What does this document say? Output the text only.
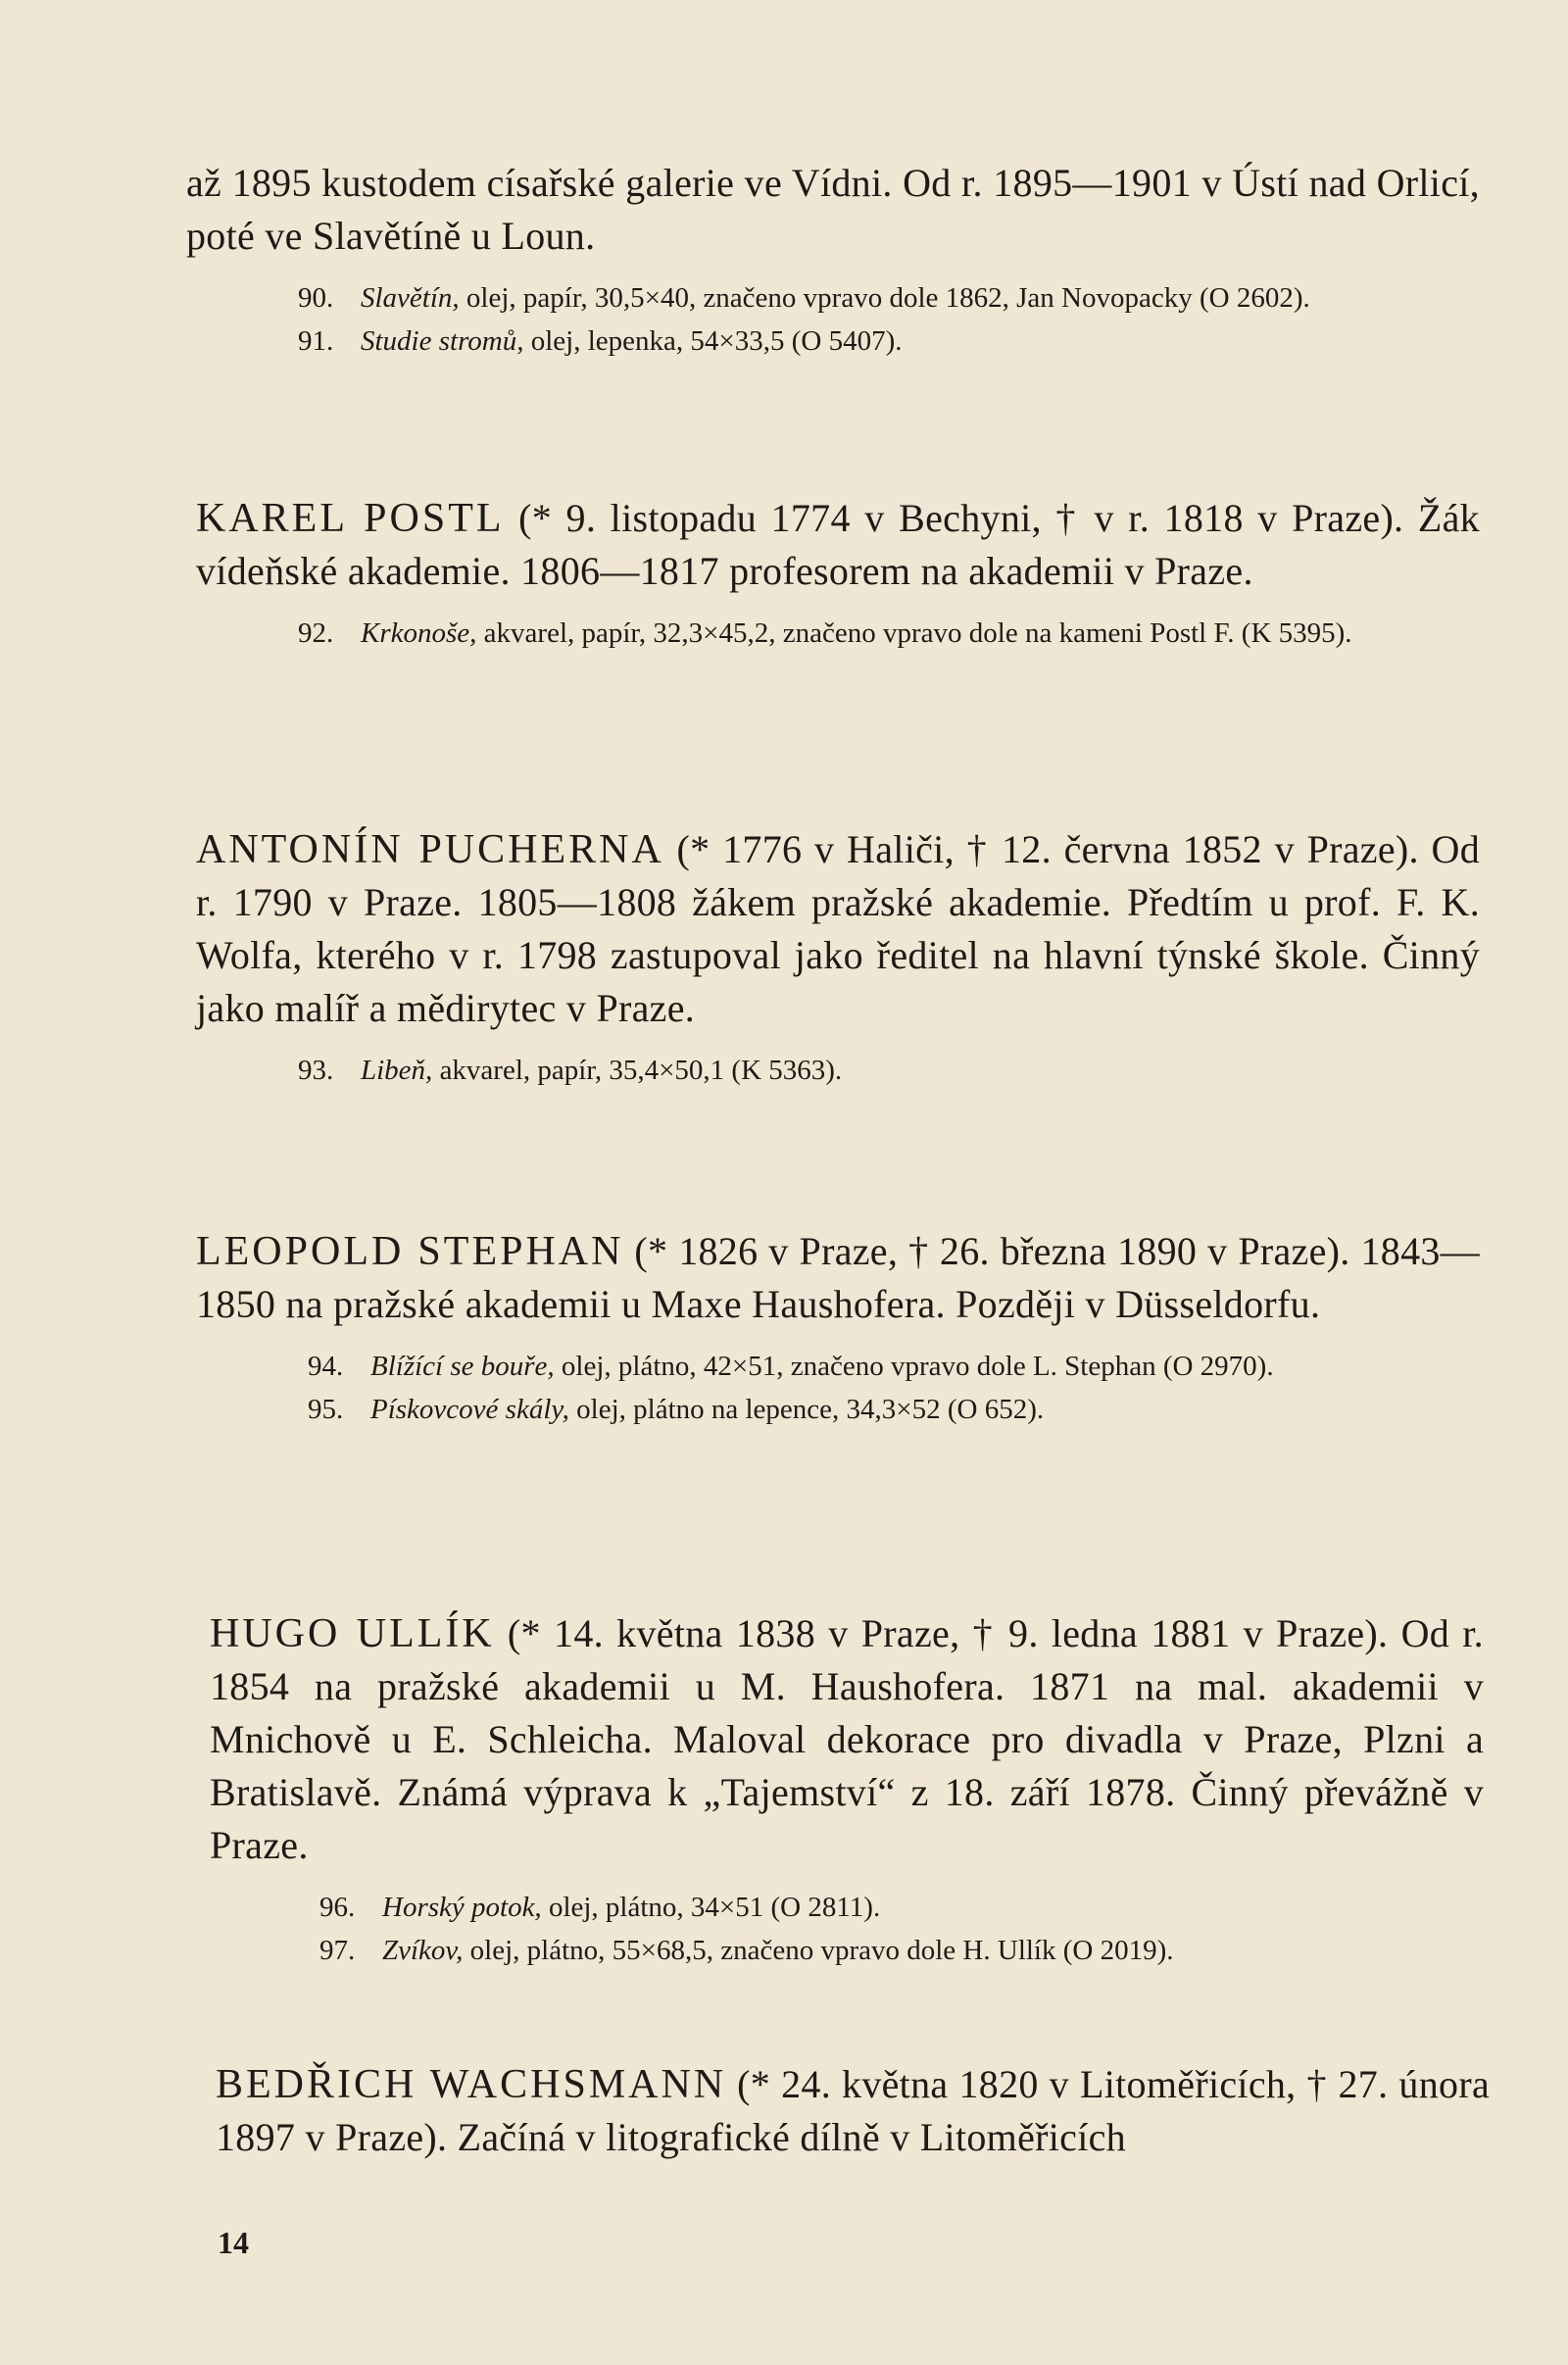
až 1895 kustodem císařské galerie ve Vídni. Od r. 1895—1901 v Ústí nad Orlicí, poté ve Slavětíně u Loun.

90. Slavětín, olej, papír, 30,5×40, značeno vpravo dole 1862, Jan Novopacky (O 2602).
91. Studie stromů, olej, lepenka, 54×33,5 (O 5407).

KAREL POSTL (* 9. listopadu 1774 v Bechyni, † v r. 1818 v Praze). Žák vídeňské akademie. 1806—1817 profesorem na akademii v Praze.

92. Krkonoše, akvarel, papír, 32,3×45,2, značeno vpravo dole na kameni Postl F. (K 5395).

ANTONÍN PUCHERNA (* 1776 v Haliči, † 12. června 1852 v Praze). Od r. 1790 v Praze. 1805—1808 žákem pražské akademie. Předtím u prof. F. K. Wolfa, kterého v r. 1798 zastupoval jako ředitel na hlavní týnské škole. Činný jako malíř a mědirytec v Praze.

93. Libeň, akvarel, papír, 35,4×50,1 (K 5363).

LEOPOLD STEPHAN (* 1826 v Praze, † 26. března 1890 v Praze). 1843—1850 na pražské akademii u Maxe Haushofera. Později v Düsseldorfu.

94. Blížící se bouře, olej, plátno, 42×51, značeno vpravo dole L. Stephan (O 2970).
95. Pískovcové skály, olej, plátno na lepence, 34,3×52 (O 652).

HUGO ULLÍK (* 14. května 1838 v Praze, † 9. ledna 1881 v Praze). Od r. 1854 na pražské akademii u M. Haushofera. 1871 na mal. akademii v Mnichově u E. Schleicha. Maloval dekorace pro divadla v Praze, Plzni a Bratislavě. Známá výprava k „Tajemství“ z 18. září 1878. Činný převážně v Praze.

96. Horský potok, olej, plátno, 34×51 (O 2811).
97. Zvíkov, olej, plátno, 55×68,5, značeno vpravo dole H. Ullík (O 2019).

BEDŘICH WACHSMANN (* 24. května 1820 v Litoměřicích, † 27. února 1897 v Praze). Začíná v litografické dílně v Litoměřicích

14
